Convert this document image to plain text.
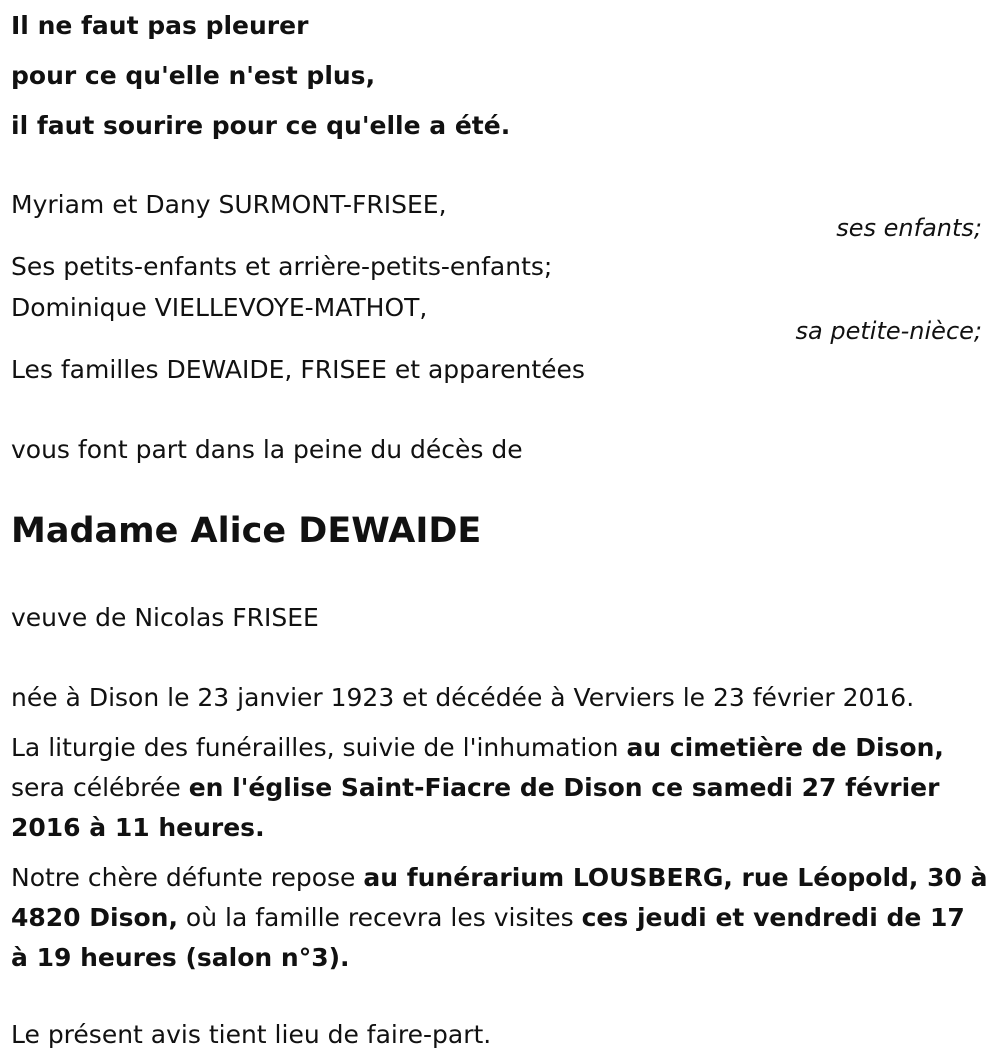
Il ne faut pas pleurer
pour ce qu'elle n'est plus,
il faut sourire pour ce qu'elle a été.
Myriam et Dany SURMONT-FRISEE,
ses enfants;
Ses petits-enfants et arrière-petits-enfants;
Dominique VIELLEVOYE-MATHOT,
sa petite-nièce;
Les familles DEWAIDE, FRISEE et apparentées
vous font part dans la peine du décès de
Madame Alice DEWAIDE
veuve de Nicolas FRISEE
née à Dison le 23 janvier 1923 et décédée à Verviers le 23 février 2016.
La liturgie des funérailles, suivie de l'inhumation au cimetière de Dison, sera célébrée en l'église Saint-Fiacre de Dison ce samedi 27 février 2016 à 11 heures.
Notre chère défunte repose au funérarium LOUSBERG, rue Léopold, 30 à 4820 Dison, où la famille recevra les visites ces jeudi et vendredi de 17 à 19 heures (salon n°3).
Le présent avis tient lieu de faire-part.
